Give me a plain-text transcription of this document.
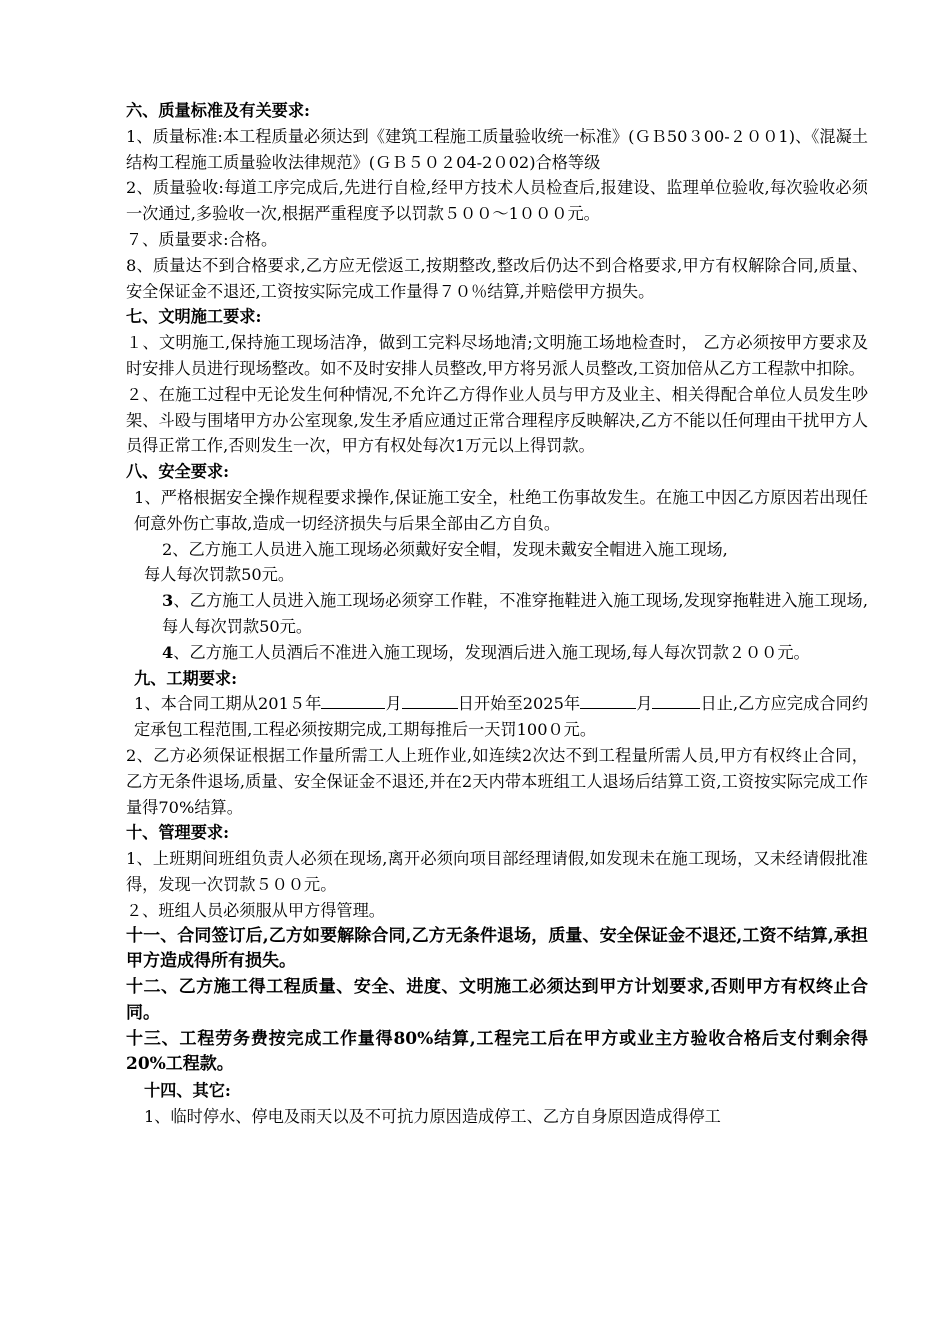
六、质量标准及有关要求:

1、质量标准:本工程质量必须达到《建筑工程施工质量验收统一标准》(ＧＢ50３00-２００1)、《混凝土结构工程施工质量验收法律规范》(ＧＢ５０２04-2０02)合格等级

2、质量验收:每道工序完成后,先进行自检,经甲方技术人员检查后,报建设、监理单位验收,每次验收必须一次通过,多验收一次,根据严重程度予以罚款５００～1０００元。

７、质量要求:合格。

8、质量达不到合格要求,乙方应无偿返工,按期整改,整改后仍达不到合格要求,甲方有权解除合同,质量、安全保证金不退还,工资按实际完成工作量得７０％结算,并赔偿甲方损失。

七、文明施工要求:

１、文明施工,保持施工现场洁净，做到工完料尽场地清;文明施工场地检查时， 乙方必须按甲方要求及时安排人员进行现场整改。如不及时安排人员整改,甲方将另派人员整改,工资加倍从乙方工程款中扣除。

２、在施工过程中无论发生何种情况,不允许乙方得作业人员与甲方及业主、相关得配合单位人员发生吵架、斗殴与围堵甲方办公室现象,发生矛盾应通过正常合理程序反映解决,乙方不能以任何理由干扰甲方人员得正常工作,否则发生一次，甲方有权处每次1万元以上得罚款。

八、安全要求:

1、严格根据安全操作规程要求操作,保证施工安全，杜绝工伤事故发生。在施工中因乙方原因若出现任何意外伤亡事故,造成一切经济损失与后果全部由乙方自负。

2、乙方施工人员进入施工现场必须戴好安全帽，发现未戴安全帽进入施工现场,

每人每次罚款50元。

3、乙方施工人员进入施工现场必须穿工作鞋，不准穿拖鞋进入施工现场,发现穿拖鞋进入施工现场,每人每次罚款50元。

4、乙方施工人员酒后不准进入施工现场，发现酒后进入施工现场,每人每次罚款２００元。

九、工期要求:

1、本合同工期从201５年	月	日开始至2025年	月	日止,乙方应完成合同约定承包工程范围,工程必须按期完成,工期每推后一天罚100０元。

2、乙方必须保证根据工作量所需工人上班作业,如连续2次达不到工程量所需人员,甲方有权终止合同， 乙方无条件退场,质量、安全保证金不退还,并在2天内带本班组工人退场后结算工资,工资按实际完成工作量得70%结算。

十、管理要求:

1、上班期间班组负责人必须在现场,离开必须向项目部经理请假,如发现未在施工现场，又未经请假批准得，发现一次罚款５００元。

２、班组人员必须服从甲方得管理。

十一、合同签订后,乙方如要解除合同,乙方无条件退场，质量、安全保证金不退还,工资不结算,承担甲方造成得所有损失。

十二、乙方施工得工程质量、安全、进度、文明施工必须达到甲方计划要求,否则甲方有权终止合同。

十三、工程劳务费按完成工作量得80%结算,工程完工后在甲方或业主方验收合格后支付剩余得20%工程款。

十四、其它:

1、临时停水、停电及雨天以及不可抗力原因造成停工、乙方自身原因造成得停工
